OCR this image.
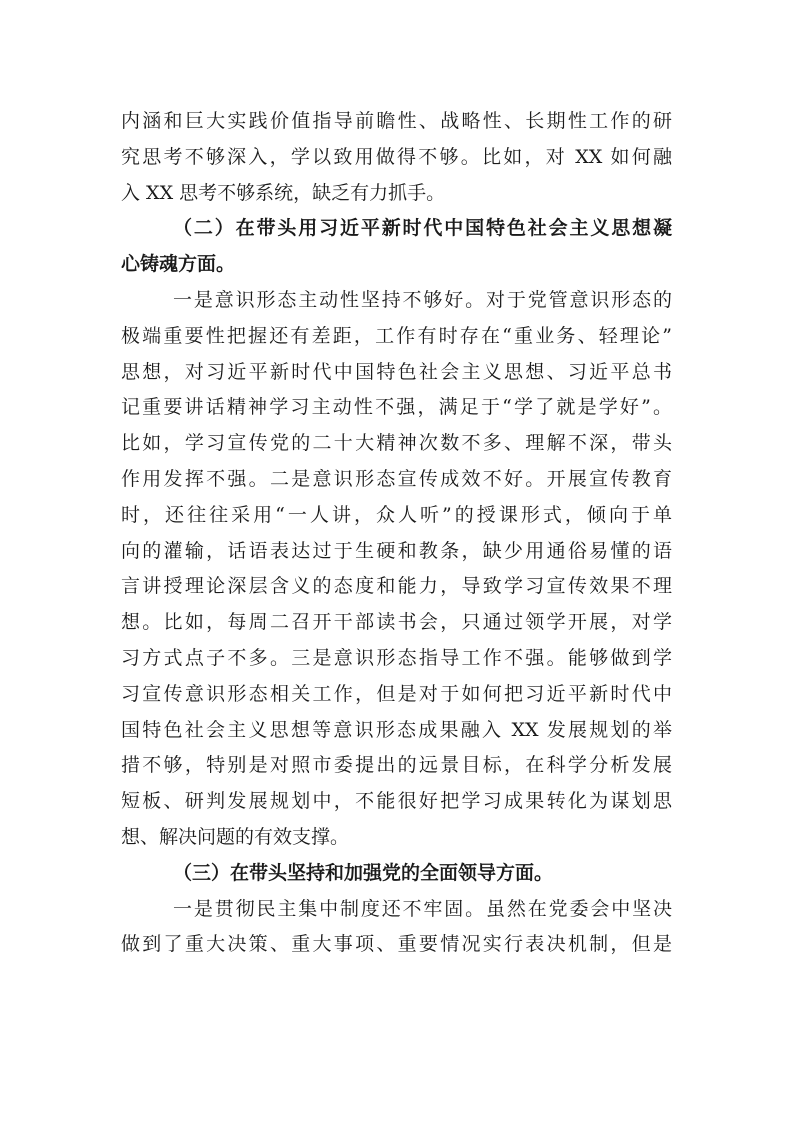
内涵和巨大实践价值指导前瞻性、战略性、长期性工作的研
究思考不够深入，学以致用做得不够。比如，对 XX 如何融
入 XX 思考不够系统，缺乏有力抓手。
（二）在带头用习近平新时代中国特色社会主义思想凝
心铸魂方面。
一是意识形态主动性坚持不够好。对于党管意识形态的
极端重要性把握还有差距，工作有时存在“重业务、轻理论”
思想，对习近平新时代中国特色社会主义思想、习近平总书
记重要讲话精神学习主动性不强，满足于“学了就是学好”。
比如，学习宣传党的二十大精神次数不多、理解不深，带头
作用发挥不强。二是意识形态宣传成效不好。开展宣传教育
时，还往往采用“一人讲，众人听”的授课形式，倾向于单
向的灌输，话语表达过于生硬和教条，缺少用通俗易懂的语
言讲授理论深层含义的态度和能力，导致学习宣传效果不理
想。比如，每周二召开干部读书会，只通过领学开展，对学
习方式点子不多。三是意识形态指导工作不强。能够做到学
习宣传意识形态相关工作，但是对于如何把习近平新时代中
国特色社会主义思想等意识形态成果融入 XX 发展规划的举
措不够，特别是对照市委提出的远景目标，在科学分析发展
短板、研判发展规划中，不能很好把学习成果转化为谋划思
想、解决问题的有效支撑。
（三）在带头坚持和加强党的全面领导方面。
一是贯彻民主集中制度还不牢固。虽然在党委会中坚决
做到了重大决策、重大事项、重要情况实行表决机制，但是
